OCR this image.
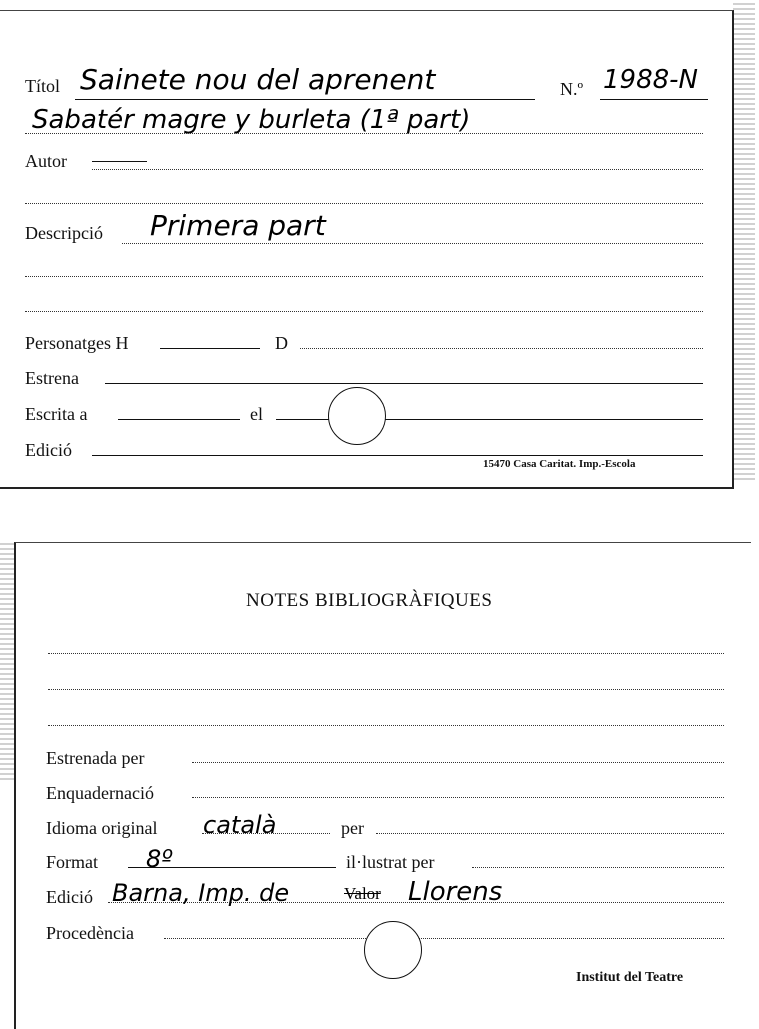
Títol Sainete nou del aprenent	N.º 1988-N
Sabatér magre y burleta (1ª part)
Autor
Descripció Primera part
Personatges H	D
Estrena
Escrita a	el
Edició
15470 Casa Caritat. Imp.-Escola
NOTES BIBLIOGRÀFIQUES
Estrenada per
Enquadernació
Idioma original català	per
Format 8º	il·lustrat per
Edició Barna, Imp. de	Valor Llorens
Procedència
Institut del Teatre
